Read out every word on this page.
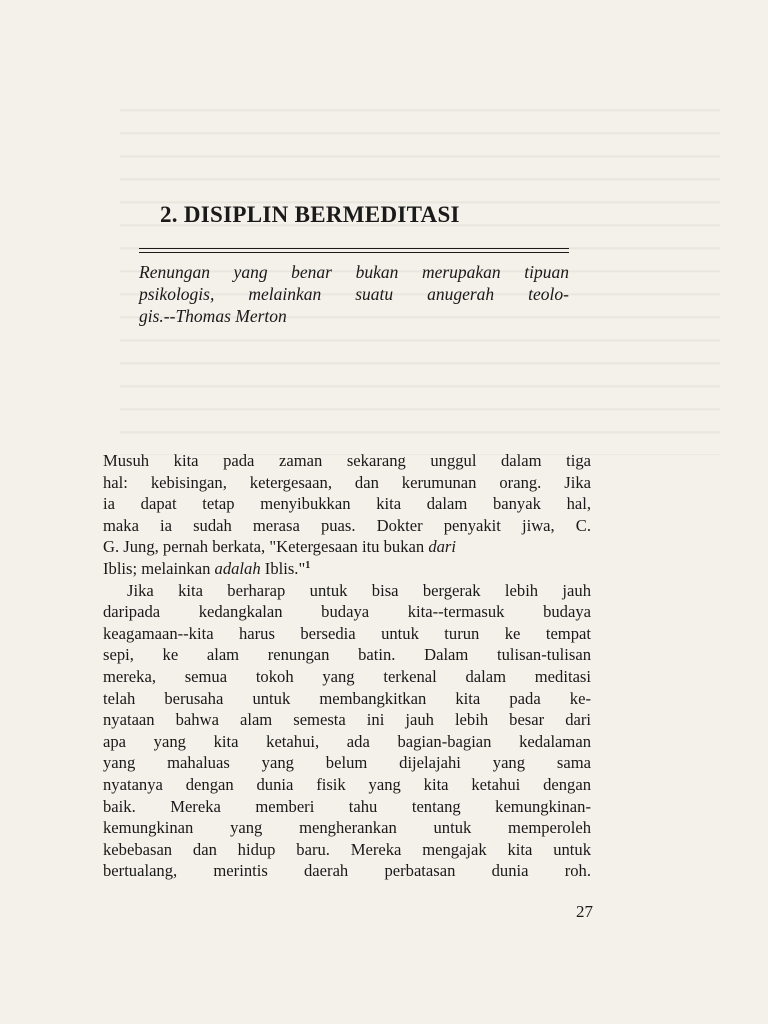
2. DISIPLIN BERMEDITASI
Renungan yang benar bukan merupakan tipuan
psikologis, melainkan suatu anugerah teolo-
gis.--Thomas Merton
Musuh kita pada zaman sekarang unggul dalam tiga
hal: kebisingan, ketergesaan, dan kerumunan orang. Jika
ia dapat tetap menyibukkan kita dalam banyak hal,
maka ia sudah merasa puas. Dokter penyakit jiwa, C.
G. Jung, pernah berkata, "Ketergesaan itu bukan dari
Iblis; melainkan adalah Iblis."$^1$
Jika kita berharap untuk bisa bergerak lebih jauh
daripada kedangkalan budaya kita--termasuk budaya
keagamaan--kita harus bersedia untuk turun ke tempat
sepi, ke alam renungan batin. Dalam tulisan-tulisan
mereka, semua tokoh yang terkenal dalam meditasi
telah berusaha untuk membangkitkan kita pada ke-
nyataan bahwa alam semesta ini jauh lebih besar dari
apa yang kita ketahui, ada bagian-bagian kedalaman
yang mahaluas yang belum dijelajahi yang sama
nyatanya dengan dunia fisik yang kita ketahui dengan
baik. Mereka memberi tahu tentang kemungkinan-
kemungkinan yang mengherankan untuk memperoleh
kebebasan dan hidup baru. Mereka mengajak kita untuk
bertualang, merintis daerah perbatasan dunia roh.
27
